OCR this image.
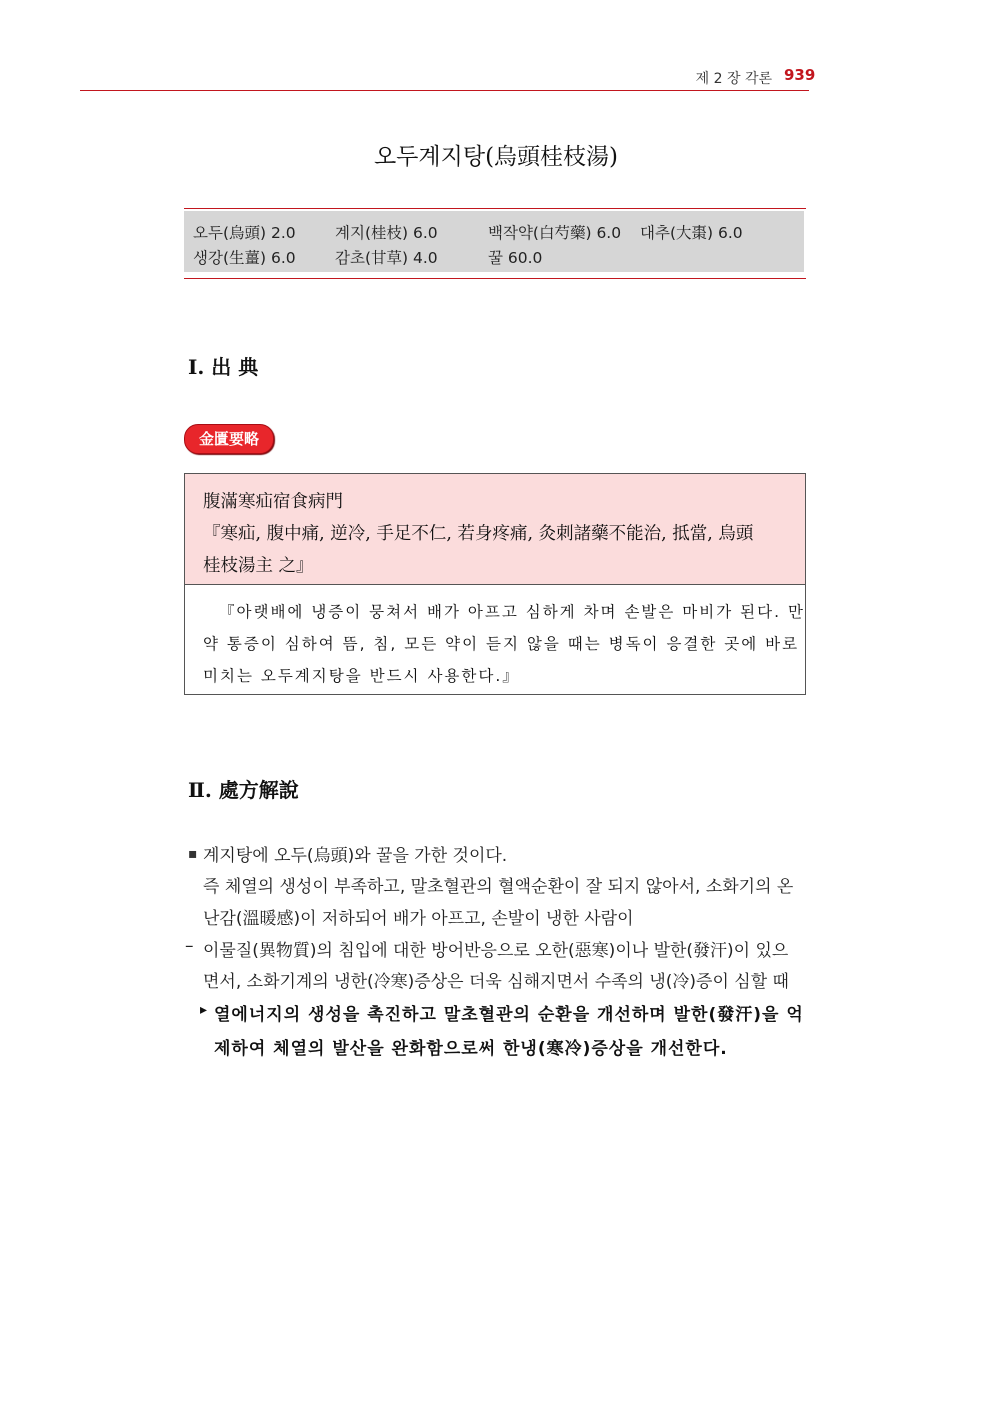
제 2 장 각론 939
오두계지탕(烏頭桂枝湯)
오두(烏頭) 2.0	계지(桂枝) 6.0	백작약(白芍藥) 6.0 대추(大棗) 6.0
생강(生薑) 6.0	감초(甘草) 4.0	꿀 60.0
Ⅰ. 出 典
金匱要略
腹滿寒疝宿食病門
『寒疝, 腹中痛, 逆冷, 手足不仁, 若身疼痛, 灸刺諸藥不能治, 抵當, 烏頭
桂枝湯主 之』
『아랫배에 냉증이 뭉쳐서 배가 아프고 심하게 차며 손발은 마비가 된다. 만
약 통증이 심하여 뜸, 침, 모든 약이 듣지 않을 때는 병독이 응결한 곳에 바로
미치는 오두계지탕을 반드시 사용한다.』
Ⅱ. 處方解說
▪ 계지탕에 오두(烏頭)와 꿀을 가한 것이다.
즉 체열의 생성이 부족하고, 말초혈관의 혈액순환이 잘 되지 않아서, 소화기의 온
난감(溫暖感)이 저하되어 배가 아프고, 손발이 냉한 사람이
– 이물질(異物質)의 침입에 대한 방어반응으로 오한(惡寒)이나 발한(發汗)이 있으
면서, 소화기계의 냉한(冷寒)증상은 더욱 심해지면서 수족의 냉(冷)증이 심할 때
▸ 열에너지의 생성을 촉진하고 말초혈관의 순환을 개선하며 발한(發汗)을 억
제하여 체열의 발산을 완화함으로써 한냉(寒冷)증상을 개선한다.
